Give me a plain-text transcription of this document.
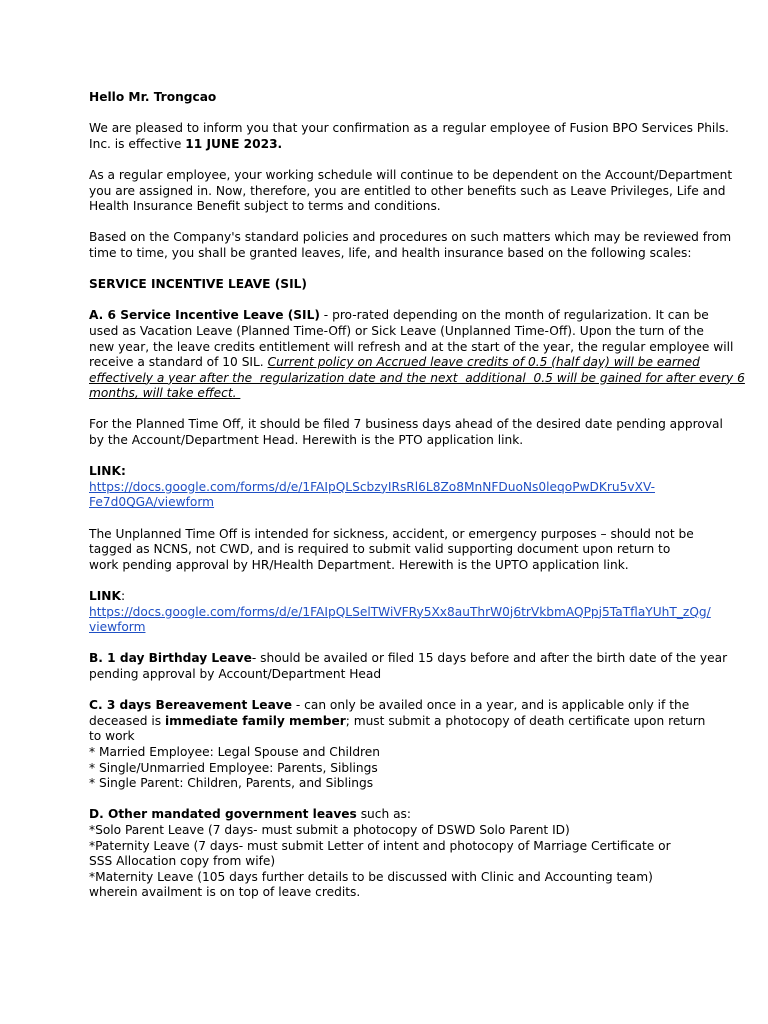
Hello Mr. Trongcao
We are pleased to inform you that your confirmation as a regular employee of Fusion BPO Services Phils.
Inc. is effective 11 JUNE 2023.
As a regular employee, your working schedule will continue to be dependent on the Account/Department
you are assigned in. Now, therefore, you are entitled to other benefits such as Leave Privileges, Life and
Health Insurance Benefit subject to terms and conditions.
Based on the Company's standard policies and procedures on such matters which may be reviewed from
time to time, you shall be granted leaves, life, and health insurance based on the following scales:
SERVICE INCENTIVE LEAVE (SIL)
A. 6 Service Incentive Leave (SIL) - pro-rated depending on the month of regularization. It can be
used as Vacation Leave (Planned Time-Off) or Sick Leave (Unplanned Time-Off). Upon the turn of the
new year, the leave credits entitlement will refresh and at the start of the year, the regular employee will
receive a standard of 10 SIL. Current policy on Accrued leave credits of 0.5 (half day) will be earned
effectively a year after the  regularization date and the next  additional  0.5 will be gained for after every 6
months, will take effect.
For the Planned Time Off, it should be filed 7 business days ahead of the desired date pending approval
by the Account/Department Head. Herewith is the PTO application link.
LINK:
https://docs.google.com/forms/d/e/1FAIpQLScbzyIRsRl6L8Zo8MnNFDuoNs0leqoPwDKru5vXV-
Fe7d0QGA/viewform
The Unplanned Time Off is intended for sickness, accident, or emergency purposes – should not be
tagged as NCNS, not CWD, and is required to submit valid supporting document upon return to
work pending approval by HR/Health Department. Herewith is the UPTO application link.
LINK:
https://docs.google.com/forms/d/e/1FAIpQLSelTWiVFRy5Xx8auThrW0j6trVkbmAQPpj5TaTflaYUhT_zQg/
viewform
B. 1 day Birthday Leave- should be availed or filed 15 days before and after the birth date of the year
pending approval by Account/Department Head
C. 3 days Bereavement Leave - can only be availed once in a year, and is applicable only if the
deceased is immediate family member; must submit a photocopy of death certificate upon return
to work
* Married Employee: Legal Spouse and Children
* Single/Unmarried Employee: Parents, Siblings
* Single Parent: Children, Parents, and Siblings
D. Other mandated government leaves such as:
*Solo Parent Leave (7 days- must submit a photocopy of DSWD Solo Parent ID)
*Paternity Leave (7 days- must submit Letter of intent and photocopy of Marriage Certificate or
SSS Allocation copy from wife)
*Maternity Leave (105 days further details to be discussed with Clinic and Accounting team)
wherein availment is on top of leave credits.
